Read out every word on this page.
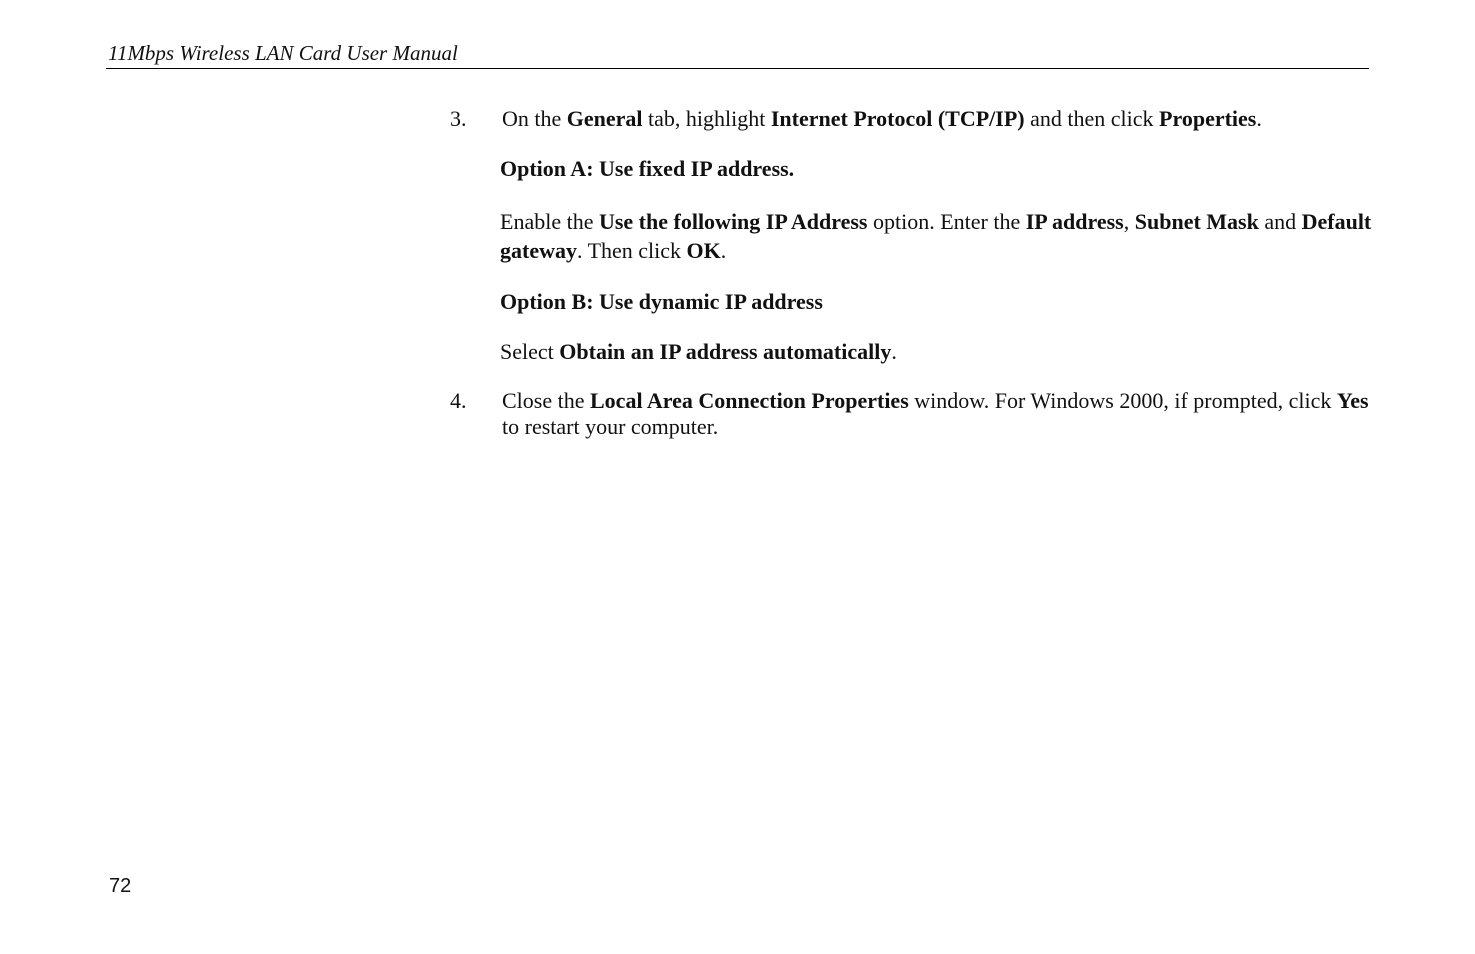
11Mbps Wireless LAN Card User Manual
3.	On the General tab, highlight Internet Protocol (TCP/IP) and then click Properties.
Option A: Use fixed IP address.
Enable the Use the following IP Address option. Enter the IP address, Subnet Mask and Default gateway. Then click OK.
Option B: Use dynamic IP address
Select Obtain an IP address automatically.
4.	Close the Local Area Connection Properties window. For Windows 2000, if prompted, click Yes to restart your computer.
72
